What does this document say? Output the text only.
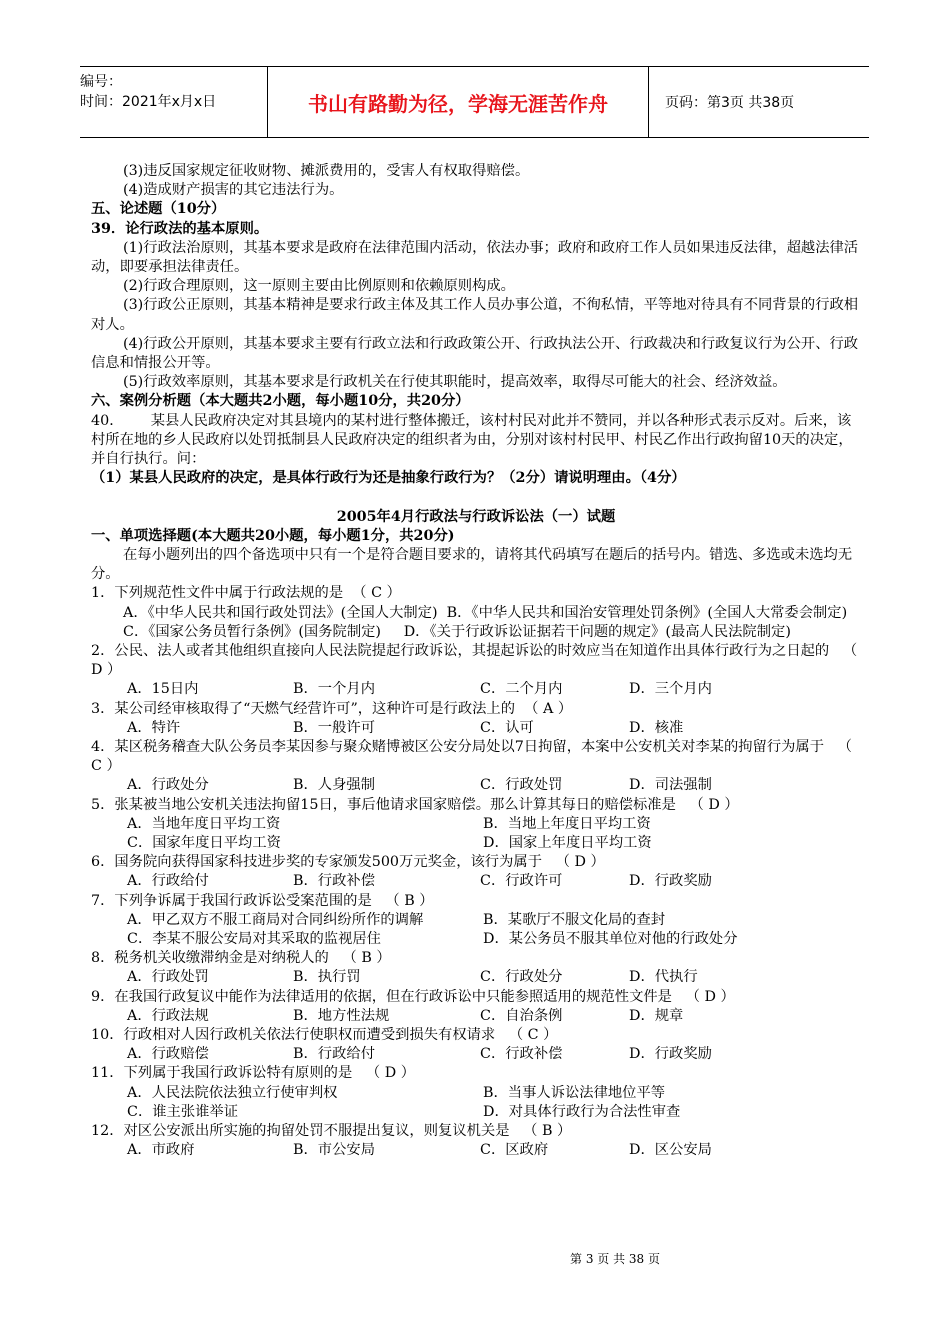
编号：
时间：2021年x月x日	书山有路勤为径，学海无涯苦作舟	页码：第3页 共38页

(3)违反国家规定征收财物、摊派费用的，受害人有权取得赔偿。

(4)造成财产损害的其它违法行为。

五、论述题（10分）

39．论行政法的基本原则。

(1)行政法治原则，其基本要求是政府在法律范围内活动，依法办事；政府和政府工作人员如果违反法律，超越法律活动，即要承担法律责任。

(2)行政合理原则，这一原则主要由比例原则和依赖原则构成。

(3)行政公正原则，其基本精神是要求行政主体及其工作人员办事公道，不徇私情，平等地对待具有不同背景的行政相对人。

(4)行政公开原则，其基本要求主要有行政立法和行政政策公开、行政执法公开、行政裁决和行政复议行为公开、行政信息和情报公开等。

(5)行政效率原则，其基本要求是行政机关在行使其职能时，提高效率，取得尽可能大的社会、经济效益。

六、案例分析题（本大题共2小题，每小题10分，共20分）

40．      某县人民政府决定对其县境内的某村进行整体搬迁，该村村民对此并不赞同，并以各种形式表示反对。后来，该村所在地的乡人民政府以处罚抵制县人民政府决定的组织者为由，分别对该村村民甲、村民乙作出行政拘留10天的决定，并自行执行。问：

（1）某县人民政府的决定，是具体行政行为还是抽象行政行为？（2分）请说明理由。（4分）

2005年4月行政法与行政诉讼法（一）试题

一、单项选择题(本大题共20小题，每小题1分，共20分)

在每小题列出的四个备选项中只有一个是符合题目要求的，请将其代码填写在题后的括号内。错选、多选或未选均无分。

1．下列规范性文件中属于行政法规的是  （ C ）

A．《中华人民共和国行政处罚法》(全国人大制定)  B．《中华人民共和国治安管理处罚条例》(全国人大常委会制定)

C．《国家公务员暂行条例》(国务院制定)     D．《关于行政诉讼证据若干问题的规定》(最高人民法院制定)

2．公民、法人或者其他组织直接向人民法院提起行政诉讼，其提起诉讼的时效应当在知道作出具体行政行为之日起的   （ D ）

A．15日内	B．一个月内	C．二个月内	D．三个月内

3．某公司经审核取得了“天燃气经营许可”，这种许可是行政法上的  （ A ）

A．特许	B．一般许可	C．认可	D．核准

4．某区税务稽查大队公务员李某因参与聚众赌博被区公安分局处以7日拘留，本案中公安机关对李某的拘留行为属于   （ C ）

A．行政处分	B．人身强制	C．行政处罚	D．司法强制

5．张某被当地公安机关违法拘留15日，事后他请求国家赔偿。那么计算其每日的赔偿标准是   （ D ）

A．当地年度日平均工资	B．当地上年度日平均工资
C．国家年度日平均工资	D．国家上年度日平均工资

6．国务院向获得国家科技进步奖的专家颁发500万元奖金，该行为属于   （ D ）

A．行政给付	B．行政补偿	C．行政许可	D．行政奖励

7．下列争诉属于我国行政诉讼受案范围的是   （ B ）

A．甲乙双方不服工商局对合同纠纷所作的调解	B．某歌厅不服文化局的查封
C．李某不服公安局对其采取的监视居住	D．某公务员不服其单位对他的行政处分

8．税务机关收缴滞纳金是对纳税人的   （ B ）

A．行政处罚	B．执行罚	C．行政处分	D．代执行

9．在我国行政复议中能作为法律适用的依据，但在行政诉讼中只能参照适用的规范性文件是   （ D ）

A．行政法规	B．地方性法规	C．自治条例	D．规章

10．行政相对人因行政机关依法行使职权而遭受到损失有权请求   （ C ）

A．行政赔偿	B．行政给付	C．行政补偿	D．行政奖励

11．下列属于我国行政诉讼特有原则的是   （ D ）

A．人民法院依法独立行使审判权	B．当事人诉讼法律地位平等
C．谁主张谁举证	D．对具体行政行为合法性审查

12．对区公安派出所实施的拘留处罚不服提出复议，则复议机关是   （ B ）

A．市政府	B．市公安局	C．区政府	D．区公安局
第 3 页 共 38 页
